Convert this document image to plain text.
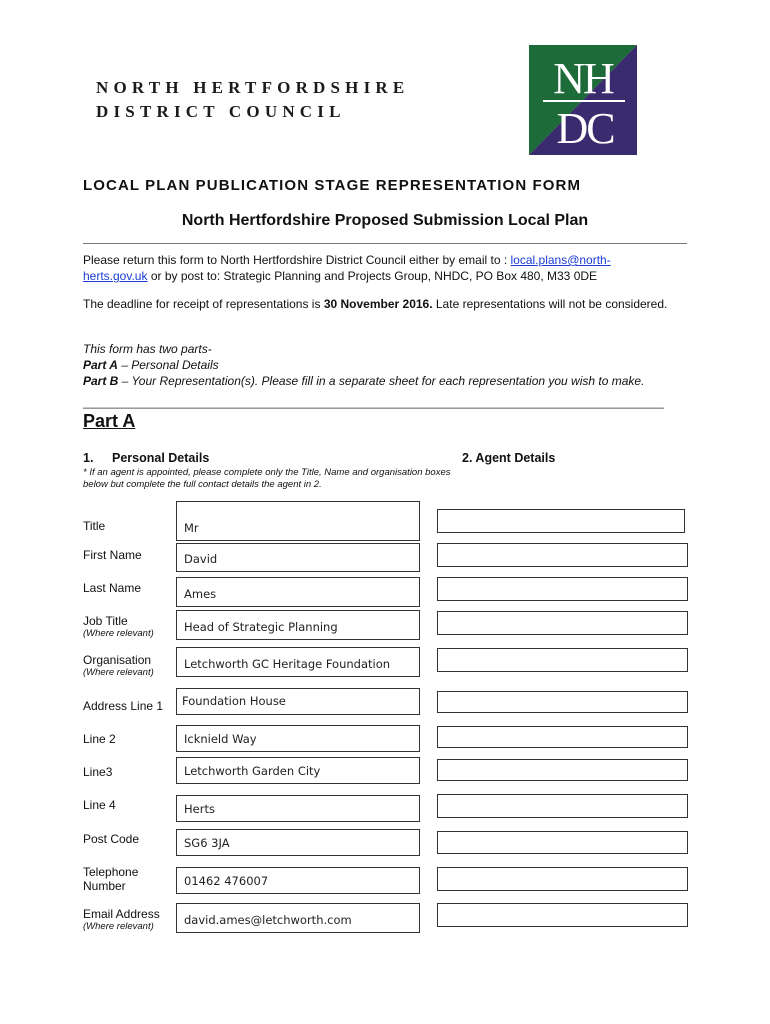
NORTH HERTFORDSHIRE
DISTRICT COUNCIL
NH
DC
LOCAL PLAN PUBLICATION STAGE REPRESENTATION FORM
North Hertfordshire Proposed Submission Local Plan
Please return this form to North Hertfordshire District Council either by email to : local.plans@north-herts.gov.uk or by post to: Strategic Planning and Projects Group, NHDC, PO Box 480, M33 0DE
The deadline for receipt of representations is 30 November 2016. Late representations will not be considered.
This form has two parts-
Part A – Personal Details
Part B – Your Representation(s). Please fill in a separate sheet for each representation you wish to make.
_______________________________________________________________________________________
Part A
1. Personal Details	2. Agent Details
* If an agent is appointed, please complete only the Title, Name and organisation boxes below but complete the full contact details the agent in 2.
Title
First Name
Last Name
Job Title
(Where relevant)
Organisation
(Where relevant)
Address Line 1
Line 2
Line3
Line 4
Post Code
Telephone
Number
Email Address
(Where relevant)
Mr
David
Ames
Head of Strategic Planning
Letchworth GC Heritage Foundation
Foundation House
Icknield Way
Letchworth Garden City
Herts
SG6 3JA
01462 476007
david.ames@letchworth.com
